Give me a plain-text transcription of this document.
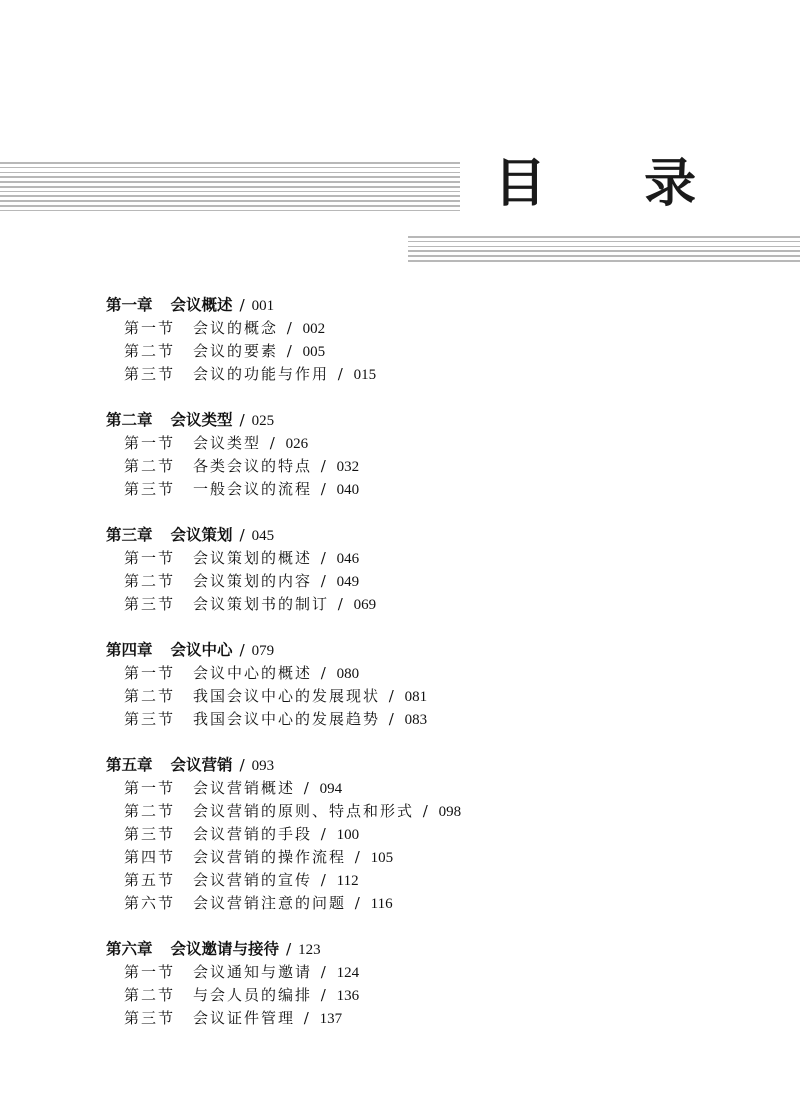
目 录
第一章 会议概述 / 001
第一节 会议的概念 / 002
第二节 会议的要素 / 005
第三节 会议的功能与作用 / 015
第二章 会议类型 / 025
第一节 会议类型 / 026
第二节 各类会议的特点 / 032
第三节 一般会议的流程 / 040
第三章 会议策划 / 045
第一节 会议策划的概述 / 046
第二节 会议策划的内容 / 049
第三节 会议策划书的制订 / 069
第四章 会议中心 / 079
第一节 会议中心的概述 / 080
第二节 我国会议中心的发展现状 / 081
第三节 我国会议中心的发展趋势 / 083
第五章 会议营销 / 093
第一节 会议营销概述 / 094
第二节 会议营销的原则、特点和形式 / 098
第三节 会议营销的手段 / 100
第四节 会议营销的操作流程 / 105
第五节 会议营销的宣传 / 112
第六节 会议营销注意的问题 / 116
第六章 会议邀请与接待 / 123
第一节 会议通知与邀请 / 124
第二节 与会人员的编排 / 136
第三节 会议证件管理 / 137
